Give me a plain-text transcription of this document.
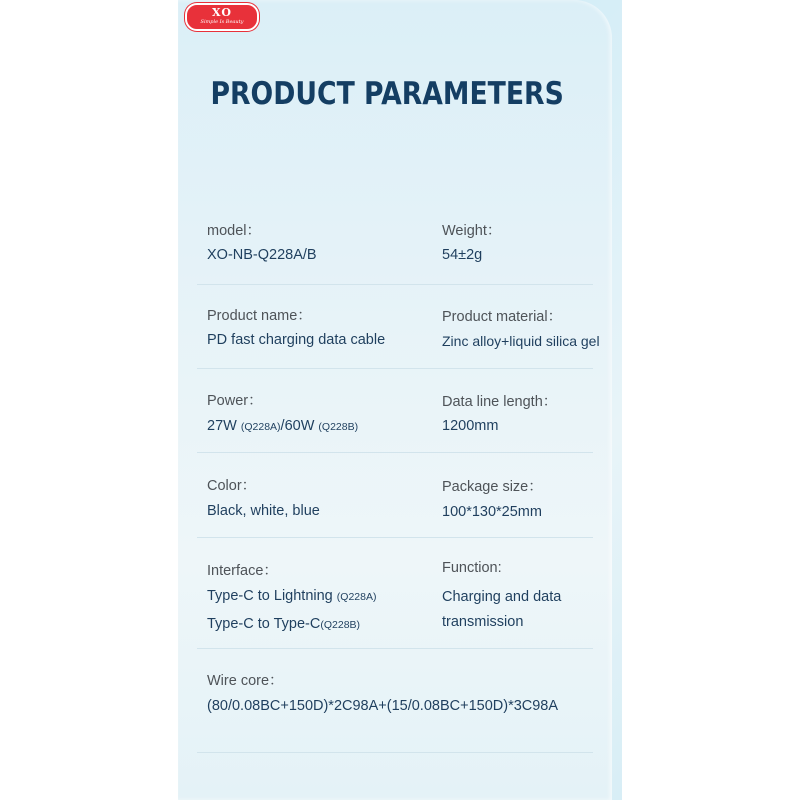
XO
Simple Is Beauty
PRODUCT PARAMETERS
model：
XO-NB-Q228A/B
Weight：
54±2g
Product name：
PD fast charging data cable
Product material：
Zinc alloy+liquid silica gel
Power：
27W (Q228A)/60W (Q228B)
Data line length：
1200mm
Color：
Black, white, blue
Package size：
100*130*25mm
Interface：
Type-C to Lightning (Q228A)
Type-C to Type-C(Q228B)
Function:
Charging and data
transmission
Wire core：
(80/0.08BC+150D)*2C98A+(15/0.08BC+150D)*3C98A
